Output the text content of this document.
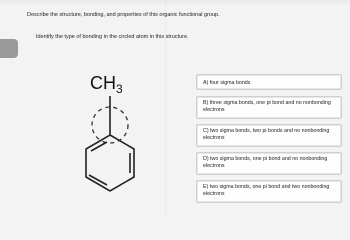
Describe the structure, bonding, and properties of this organic functional group.
Identify the type of bonding in the circled atom in this structure.
$CH_3$	A) four sigma bonds
B) three sigma bonds, one pi bond and no nonbonding electrons
C) two sigma bonds, two pi bonds and no nonbonding electrons
D) two sigma bonds, one pi bond and no nonbonding electrons
E) two sigma bonds, one pi bond and two nonbonding electrons
